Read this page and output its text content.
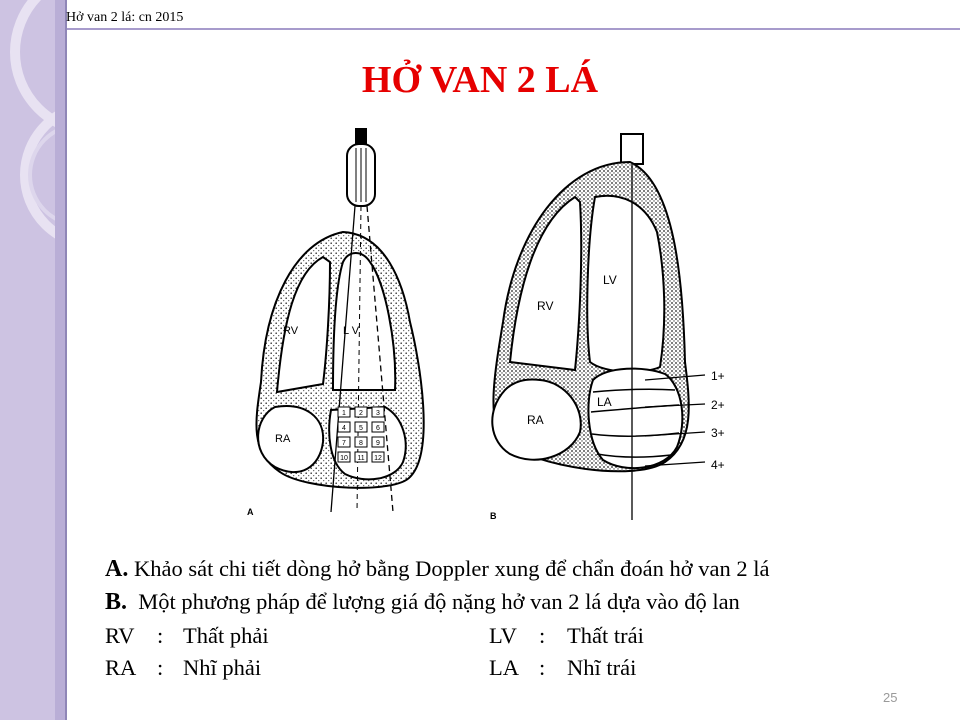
Hở van 2 lá: cn 2015
HỞ VAN 2 LÁ
1 2 3
4 5 6
7 8 9
10 11 12
RV	L V
RA
A
1+
2+
3+
4+
RV
LV
RA
LA
B
A. Khảo sát chi tiết dòng hở bằng Doppler xung để chẩn đoán hở van 2 lá
B. Một phương pháp để lượng giá độ nặng hở van 2 lá dựa vào độ lan
RV : Thất phải	LV : Thất trái
RA : Nhĩ phải	LA : Nhĩ trái
25
